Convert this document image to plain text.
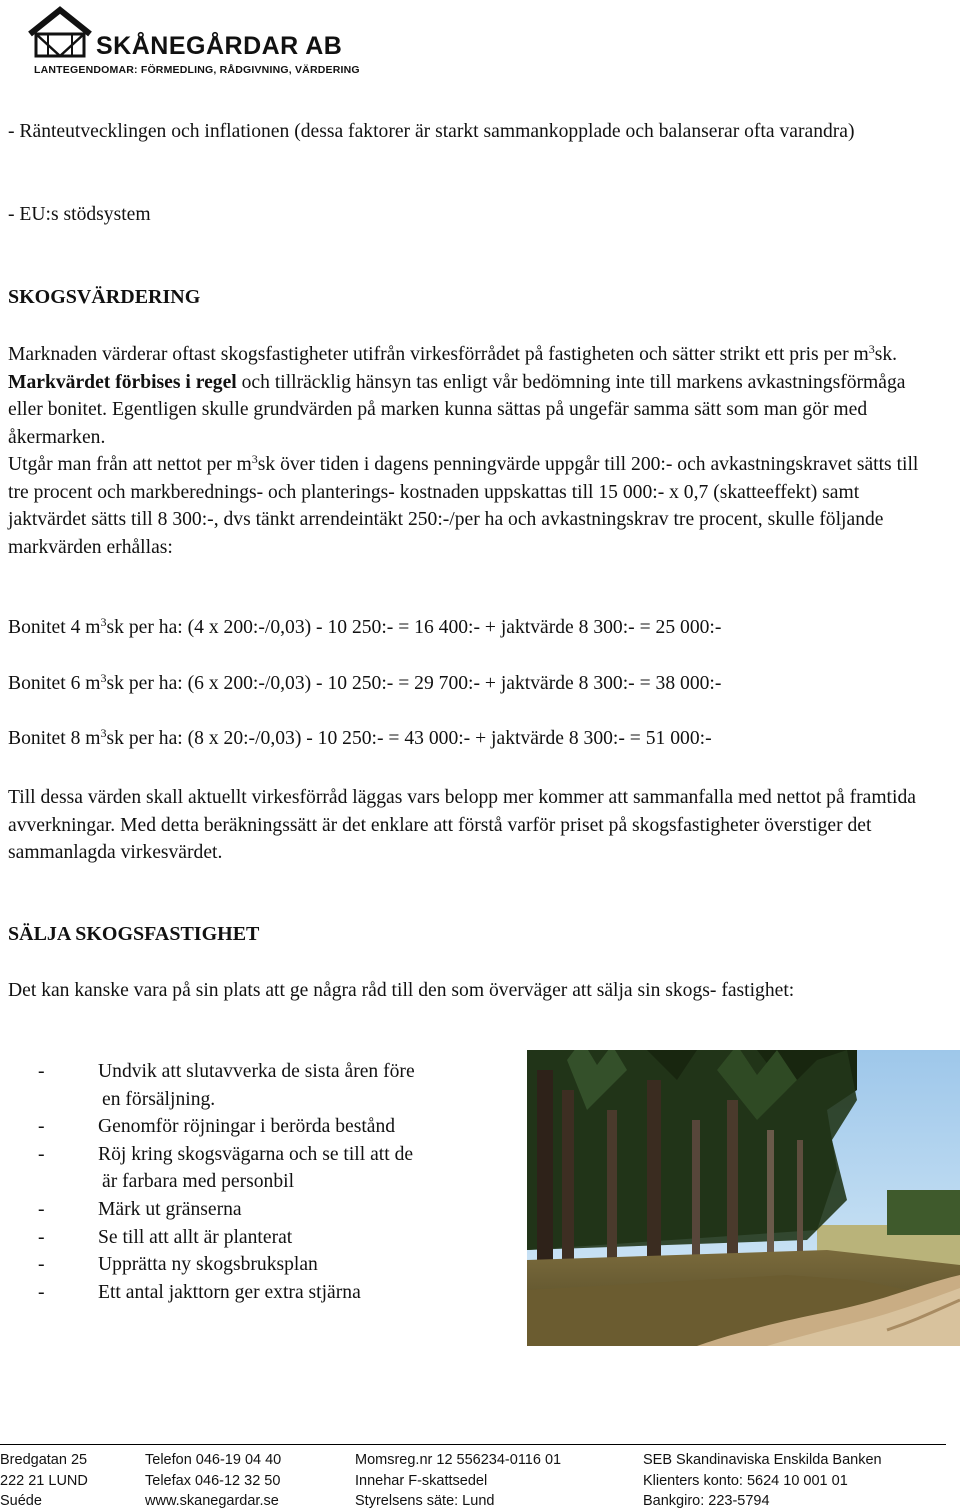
SKÅNEGÅRDAR AB
LANTEGENDOMAR: FÖRMEDLING, RÅDGIVNING, VÄRDERING

- Ränteutvecklingen och inflationen (dessa faktorer är starkt sammankopplade och balanserar ofta varandra)

- EU:s stödsystem

SKOGSVÄRDERING

Marknaden värderar oftast skogsfastigheter utifrån virkesförrådet på fastigheten och sätter strikt ett pris per $m^3sk$. Markvärdet förbises i regel och tillräcklig hänsyn tas enligt vår bedömning inte till markens avkastningsförmåga eller bonitet. Egentligen skulle grundvärden på marken kunna sättas på ungefär samma sätt som man gör med åkermarken.

Utgår man från att nettot per $m^3sk$ över tiden i dagens penningvärde uppgår till 200:- och avkastningskravet sätts till tre procent och markberednings- och planterings- kostnaden uppskattas till 15 000:- x 0,7 (skatteeffekt) samt jaktvärdet sätts till 8 300:-, dvs tänkt arrendeintäkt 250:-/per ha och avkastningskrav tre procent, skulle följande markvärden erhållas:

Bonitet 4 $m^3sk$ per ha: (4 x 200:-/0,03) - 10 250:- = 16 400:- + jaktvärde 8 300:- = 25 000:-

Bonitet 6 $m^3sk$ per ha: (6 x 200:-/0,03) - 10 250:- = 29 700:- + jaktvärde 8 300:- = 38 000:-

Bonitet 8 $m^3sk$ per ha: (8 x 20:-/0,03) - 10 250:- = 43 000:- + jaktvärde 8 300:- = 51 000:-

Till dessa värden skall aktuellt virkesförråd läggas vars belopp mer kommer att sammanfalla med nettot på framtida avverkningar. Med detta beräkningssätt är det enklare att förstå varför priset på skogsfastigheter överstiger det sammanlagda virkesvärdet.

SÄLJA SKOGSFASTIGHET

Det kan kanske vara på sin plats att ge några råd till den som överväger att sälja sin skogs- fastighet:

-	Undvik att slutavverka de sista åren före
en försäljning.
-	Genomför röjningar i berörda bestånd
-	Röj kring skogsvägarna och se till att de
är farbara med personbil
-	Märk ut gränserna
-	Se till att allt är planterat
-	Upprätta ny skogsbruksplan
-	Ett antal jakttorn ger extra stjärna
Bredgatan 25
222 21 LUND
Suéde
Telefon 046-19 04 40
Telefax 046-12 32 50
www.skanegardar.se
Momsreg.nr 12 556234-0116 01
Innehar F-skattsedel
Styrelsens säte: Lund
SEB Skandinaviska Enskilda Banken
Klienters konto: 5624 10 001 01
Bankgiro: 223-5794
